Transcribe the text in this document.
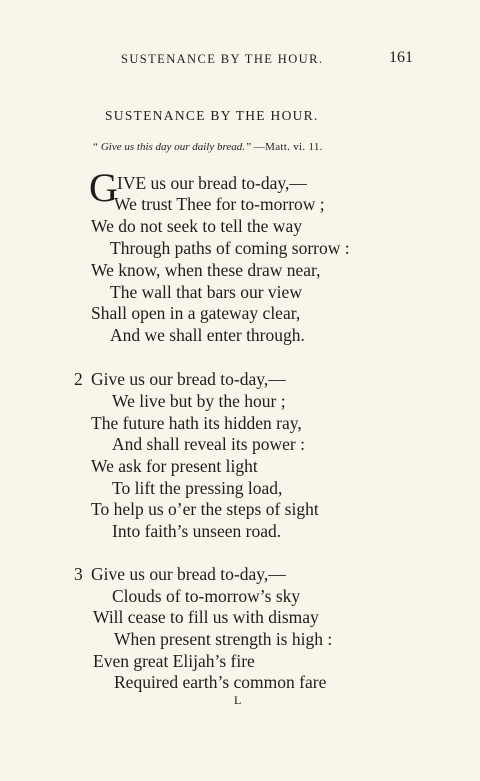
SUSTENANCE BY THE HOUR.	161
SUSTENANCE BY THE HOUR.
“ Give us this day our daily bread.” —Matt. vi. 11.
G IVE us our bread to-day,—
We trust Thee for to-morrow ;
We do not seek to tell the way
Through paths of coming sorrow :
We know, when these draw near,
The wall that bars our view
Shall open in a gateway clear,
And we shall enter through.
2 Give us our bread to-day,—
We live but by the hour ;
The future hath its hidden ray,
And shall reveal its power :
We ask for present light
To lift the pressing load,
To help us o’er the steps of sight
Into faith’s unseen road.
3 Give us our bread to-day,—
Clouds of to-morrow’s sky
Will cease to fill us with dismay
When present strength is high :
Even great Elijah’s fire
Required earth’s common fare
L
